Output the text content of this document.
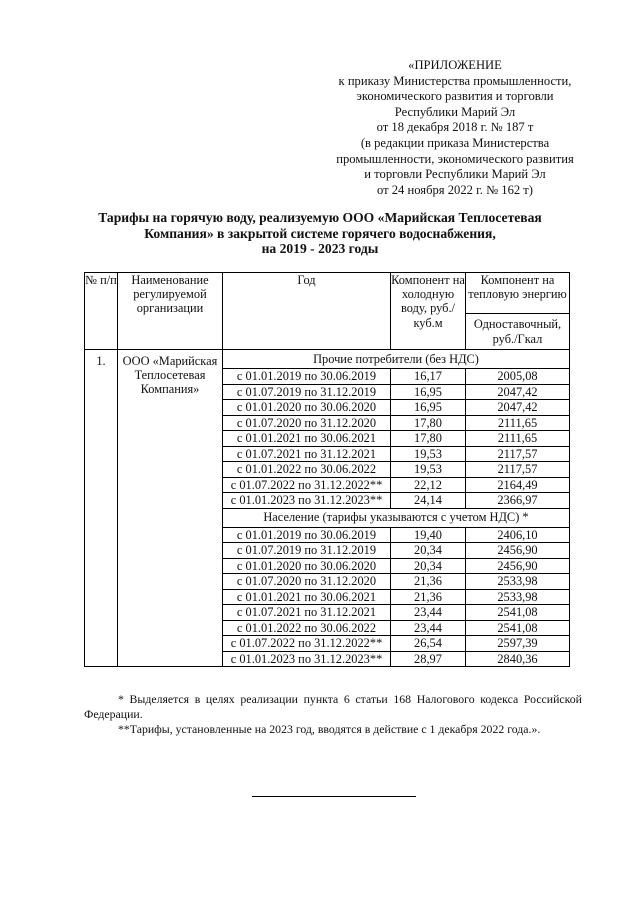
«ПРИЛОЖЕНИЕ
к приказу Министерства промышленности,
экономического развития и торговли
Республики Марий Эл
от 18 декабря 2018 г. № 187 т
(в редакции приказа Министерства
промышленности, экономического развития
и торговли Республики Марий Эл
от 24 ноября 2022 г. № 162 т)
Тарифы на горячую воду, реализуемую ООО «Марийская Теплосетевая
Компания» в закрытой системе горячего водоснабжения,
на 2019 - 2023 годы
№ п/п	Наименование регулируемой организации	Год	Компонент на холодную воду, руб./куб.м	Компонент на тепловую энергию
				Одноставочный, руб./Гкал
1.	ООО «Марийская Теплосетевая Компания»	Прочие потребители (без НДС)		
		с 01.01.2019 по 30.06.2019	16,17	2005,08
		с 01.07.2019 по 31.12.2019	16,95	2047,42
		с 01.01.2020 по 30.06.2020	16,95	2047,42
		с 01.07.2020 по 31.12.2020	17,80	2111,65
		с 01.01.2021 по 30.06.2021	17,80	2111,65
		с 01.07.2021 по 31.12.2021	19,53	2117,57
		с 01.01.2022 по 30.06.2022	19,53	2117,57
		с 01.07.2022 по 31.12.2022**	22,12	2164,49
		с 01.01.2023 по 31.12.2023**	24,14	2366,97
		Население (тарифы указываются с учетом НДС) *		
		с 01.01.2019 по 30.06.2019	19,40	2406,10
		с 01.07.2019 по 31.12.2019	20,34	2456,90
		с 01.01.2020 по 30.06.2020	20,34	2456,90
		с 01.07.2020 по 31.12.2020	21,36	2533,98
		с 01.01.2021 по 30.06.2021	21,36	2533,98
		с 01.07.2021 по 31.12.2021	23,44	2541,08
		с 01.01.2022 по 30.06.2022	23,44	2541,08
		с 01.07.2022 по 31.12.2022**	26,54	2597,39
		с 01.01.2023 по 31.12.2023**	28,97	2840,36
* Выделяется в целях реализации пункта 6 статьи 168 Налогового кодекса Российской Федерации.
**Тарифы, установленные на 2023 год, вводятся в действие с 1 декабря 2022 года.».
